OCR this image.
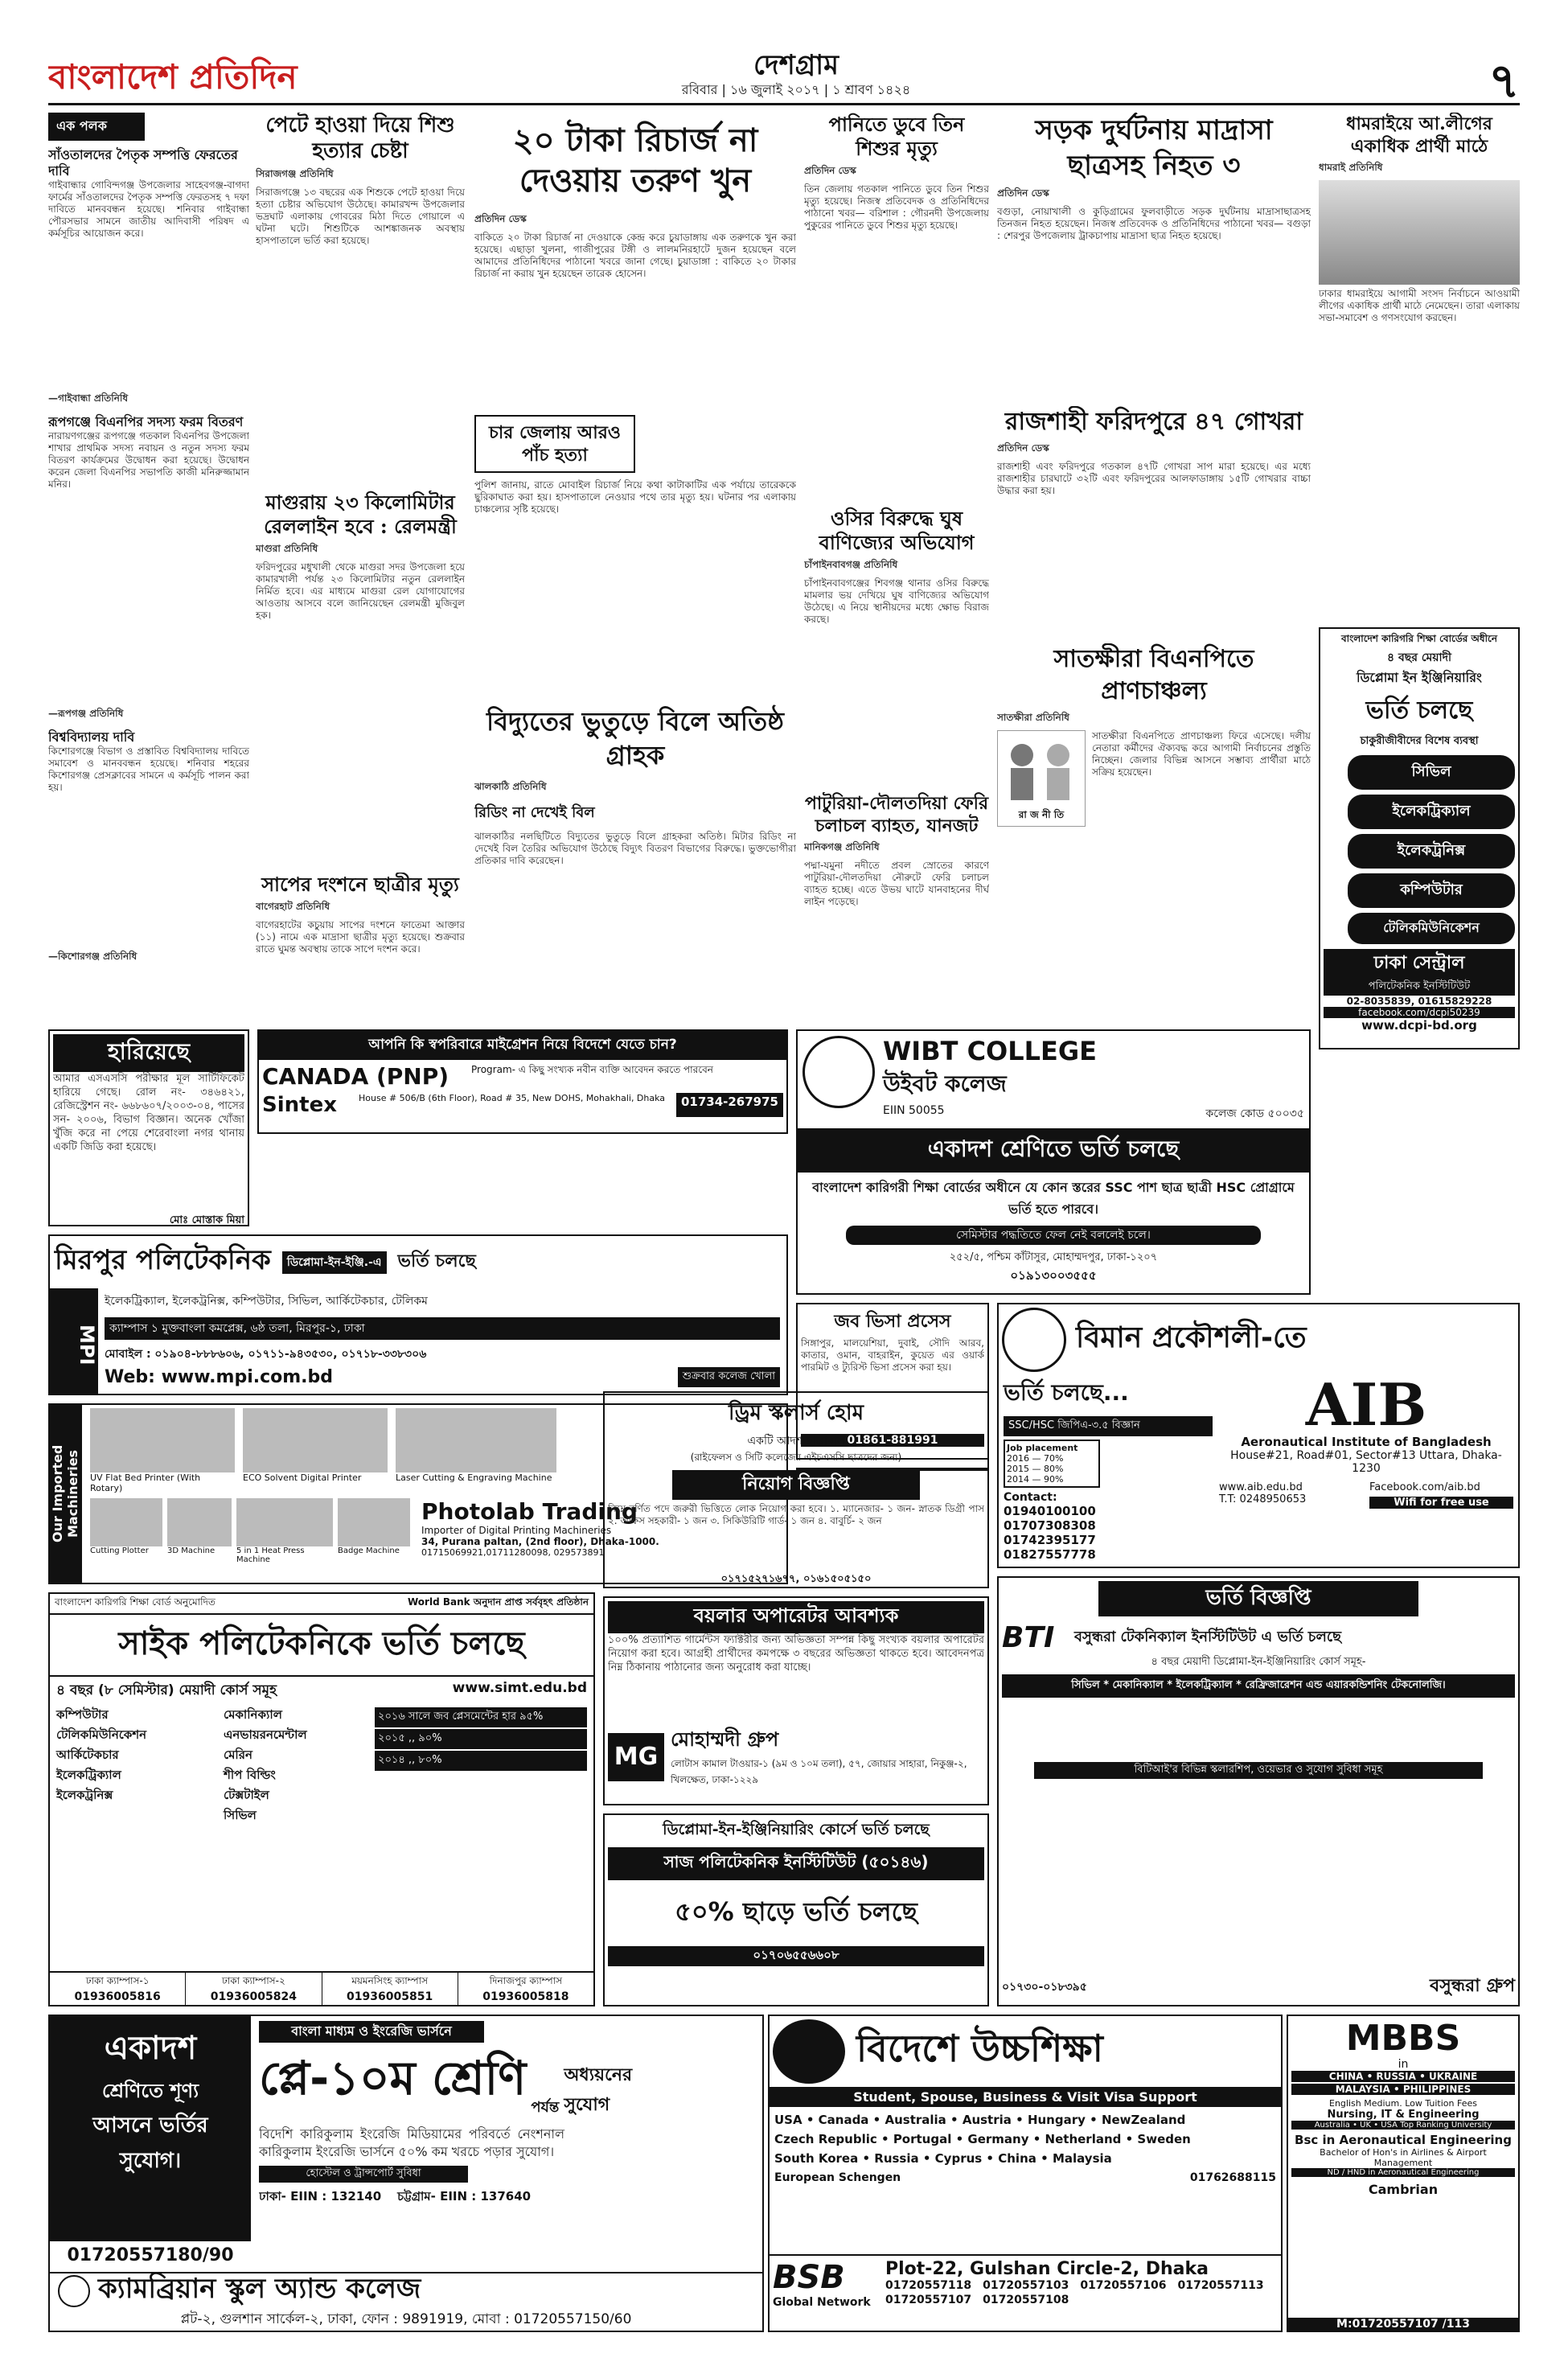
বাংলাদেশ প্রতিদিন	দেশগ্রাম
রবিবার | ১৬ জুলাই ২০১৭ | ১ শ্রাবণ ১৪২৪	৭
এক পলক
সাঁওতালদের পৈতৃক সম্পত্তি ফেরতের দাবি
গাইবান্ধার গোবিন্দগঞ্জ উপজেলার সাহেবগঞ্জ-বাগদা ফার্মের সাঁওতালদের পৈতৃক সম্পত্তি ফেরতসহ ৭ দফা দাবিতে মানববন্ধন হয়েছে। শনিবার গাইবান্ধা পৌরসভার সামনে জাতীয় আদিবাসী পরিষদ এ কর্মসূচির আয়োজন করে।
—গাইবান্ধা প্রতিনিধি
রূপগঞ্জে বিএনপির সদস্য ফরম বিতরণ
নারায়ণগঞ্জের রূপগঞ্জে গতকাল বিএনপির উপজেলা শাখার প্রাথমিক সদস্য নবায়ন ও নতুন সদস্য ফরম বিতরণ কার্যক্রমের উদ্বোধন করা হয়েছে। উদ্বোধন করেন জেলা বিএনপির সভাপতি কাজী মনিরুজ্জামান মনির।
—রূপগঞ্জ প্রতিনিধি
বিশ্ববিদ্যালয় দাবি
কিশোরগঞ্জে বিভাগ ও প্রস্তাবিত বিশ্ববিদ্যালয় দাবিতে সমাবেশ ও মানববন্ধন হয়েছে। শনিবার শহরের কিশোরগঞ্জ প্রেসক্লাবের সামনে এ কর্মসূচি পালন করা হয়।
—কিশোরগঞ্জ প্রতিনিধি
পেটে হাওয়া দিয়ে শিশু হত্যার চেষ্টা
সিরাজগঞ্জ প্রতিনিধি
সিরাজগঞ্জে ১৩ বছরের এক শিশুকে পেটে হাওয়া দিয়ে হত্যা চেষ্টার অভিযোগ উঠেছে। কামারখন্দ উপজেলার ভদ্রঘাট এলাকায় গোবরের মিঠা দিতে গোয়ালে এ ঘটনা ঘটে। শিশুটিকে আশঙ্কাজনক অবস্থায় হাসপাতালে ভর্তি করা হয়েছে।
মাগুরায় ২৩ কিলোমিটার রেললাইন হবে : রেলমন্ত্রী
মাগুরা প্রতিনিধি
ফরিদপুরের মধুখালী থেকে মাগুরা সদর উপজেলা হয়ে কামারখালী পর্যন্ত ২৩ কিলোমিটার নতুন রেললাইন নির্মিত হবে। এর মাধ্যমে মাগুরা রেল যোগাযোগের আওতায় আসবে বলে জানিয়েছেন রেলমন্ত্রী মুজিবুল হক।
সাপের দংশনে ছাত্রীর মৃত্যু
বাগেরহাট প্রতিনিধি
বাগেরহাটের কচুয়ায় সাপের দংশনে ফাতেমা আক্তার (১১) নামে এক মাদ্রাসা ছাত্রীর মৃত্যু হয়েছে। শুক্রবার রাতে ঘুমন্ত অবস্থায় তাকে সাপে দংশন করে।
২০ টাকা রিচার্জ না দেওয়ায় তরুণ খুন
প্রতিদিন ডেস্ক
বাকিতে ২০ টাকা রিচার্জ না দেওয়াকে কেন্দ্র করে চুয়াডাঙ্গায় এক তরুণকে খুন করা হয়েছে। এছাড়া খুলনা, গাজীপুরের টঙ্গী ও লালমনিরহাটে দুজন হয়েছেন বলে আমাদের প্রতিনিধিদের পাঠানো খবরে জানা গেছে। চুয়াডাঙ্গা : বাকিতে ২০ টাকার রিচার্জ না করায় খুন হয়েছেন তারেক হোসেন।
চার জেলায় আরও পাঁচ হত্যা
পুলিশ জানায়, রাতে মোবাইল রিচার্জ নিয়ে কথা কাটাকাটির এক পর্যায়ে তারেককে ছুরিকাঘাত করা হয়। হাসপাতালে নেওয়ার পথে তার মৃত্যু হয়। ঘটনার পর এলাকায় চাঞ্চল্যের সৃষ্টি হয়েছে।
বিদ্যুতের ভুতুড়ে বিলে অতিষ্ঠ গ্রাহক
ঝালকাঠি প্রতিনিধি
রিডিং না দেখেই বিল
ঝালকাঠির নলছিটিতে বিদ্যুতের ভুতুড়ে বিলে গ্রাহকরা অতিষ্ঠ। মিটার রিডিং না দেখেই বিল তৈরির অভিযোগ উঠেছে বিদ্যুৎ বিতরণ বিভাগের বিরুদ্ধে। ভুক্তভোগীরা প্রতিকার দাবি করেছেন।
পানিতে ডুবে তিন শিশুর মৃত্যু
প্রতিদিন ডেস্ক
তিন জেলায় গতকাল পানিতে ডুবে তিন শিশুর মৃত্যু হয়েছে। নিজস্ব প্রতিবেদক ও প্রতিনিধিদের পাঠানো খবর— বরিশাল : গৌরনদী উপজেলায় পুকুরের পানিতে ডুবে শিশুর মৃত্যু হয়েছে।
ওসির বিরুদ্ধে ঘুষ বাণিজ্যের অভিযোগ
চাঁপাইনবাবগঞ্জ প্রতিনিধি
চাঁপাইনবাবগঞ্জের শিবগঞ্জ থানার ওসির বিরুদ্ধে মামলার ভয় দেখিয়ে ঘুষ বাণিজ্যের অভিযোগ উঠেছে। এ নিয়ে স্থানীয়দের মধ্যে ক্ষোভ বিরাজ করছে।
পাটুরিয়া-দৌলতদিয়া ফেরি চলাচল ব্যাহত, যানজট
মানিকগঞ্জ প্রতিনিধি
পদ্মা-যমুনা নদীতে প্রবল স্রোতের কারণে পাটুরিয়া-দৌলতদিয়া নৌরুটে ফেরি চলাচল ব্যাহত হচ্ছে। এতে উভয় ঘাটে যানবাহনের দীর্ঘ লাইন পড়েছে।
সড়ক দুর্ঘটনায় মাদ্রাসা ছাত্রসহ নিহত ৩
প্রতিদিন ডেস্ক
বগুড়া, নোয়াখালী ও কুড়িগ্রামের ফুলবাড়ীতে সড়ক দুর্ঘটনায় মাদ্রাসাছাত্রসহ তিনজন নিহত হয়েছেন। নিজস্ব প্রতিবেদক ও প্রতিনিধিদের পাঠানো খবর— বগুড়া : শেরপুর উপজেলায় ট্রাকচাপায় মাদ্রাসা ছাত্র নিহত হয়েছে।
রাজশাহী ফরিদপুরে ৪৭ গোখরা
প্রতিদিন ডেস্ক
রাজশাহী এবং ফরিদপুরে গতকাল ৪৭টি গোখরা সাপ মারা হয়েছে। এর মধ্যে রাজশাহীর চারঘাটে ৩২টি এবং ফরিদপুরের আলফাডাঙ্গায় ১৫টি গোখরার বাচ্চা উদ্ধার করা হয়।
সাতক্ষীরা বিএনপিতে প্রাণচাঞ্চল্য
সাতক্ষীরা প্রতিনিধি
রা জ নী তি
সাতক্ষীরা বিএনপিতে প্রাণচাঞ্চল্য ফিরে এসেছে। দলীয় নেতারা কর্মীদের ঐক্যবদ্ধ করে আগামী নির্বাচনের প্রস্তুতি নিচ্ছেন। জেলার বিভিন্ন আসনে সম্ভাব্য প্রার্থীরা মাঠে সক্রিয় হয়েছেন।
ধামরাইয়ে আ.লীগের একাধিক প্রার্থী মাঠে
ধামরাই প্রতিনিধি
ঢাকার ধামরাইয়ে আগামী সংসদ নির্বাচনে আওয়ামী লীগের একাধিক প্রার্থী মাঠে নেমেছেন। তারা এলাকায় সভা-সমাবেশ ও গণসংযোগ করছেন।
বাংলাদেশ কারিগরি শিক্ষা বোর্ডের অধীনে
৪ বছর মেয়াদী
ডিপ্লোমা ইন ইঞ্জিনিয়ারিং
ভর্তি চলছে
চাকুরীজীবীদের বিশেষ ব্যবস্থা
সিভিল
ইলেকট্রিক্যাল
ইলেকট্রনিক্স
কম্পিউটার
টেলিকমিউনিকেশন
ঢাকা সেন্ট্রাল
পলিটেকনিক ইনস্টিটিউট
02-8035839, 01615829228
facebook.com/dcpi50239
www.dcpi-bd.org
হারিয়েছে
আমার এসএসসি পরীক্ষার মূল সার্টিফিকেট হারিয়ে গেছে। রোল নং- ৩৪৬৪২১, রেজিস্ট্রেশন নং- ৬৬৮৬০৭/২০০৩-০৪, পাসের সন- ২০০৬, বিভাগ বিজ্ঞান। অনেক খোঁজা খুঁজি করে না পেয়ে শেরেবাংলা নগর থানায় একটি জিডি করা হয়েছে।
মোঃ মোস্তাক মিয়া
আপনি কি স্বপরিবারে মাইগ্রেশন নিয়ে বিদেশে যেতে চান?
CANADA (PNP)	Program- এ কিছু সংখ্যক নবীন ব্যক্তি আবেদন করতে পারবেন
Sintex	House # 506/B (6th Floor), Road # 35, New DOHS, Mohakhali, Dhaka	01734-267975
WIBT COLLEGE
উইবট কলেজ
EIIN 50055	কলেজ কোড ৫০০৩৫
একাদশ শ্রেণিতে ভর্তি চলছে
বাংলাদেশ কারিগরী শিক্ষা বোর্ডের অধীনে যে কোন স্তরের SSC পাশ ছাত্র ছাত্রী HSC প্রোগ্রামে ভর্তি হতে পারবে।
সেমিস্টার পদ্ধতিতে ফেল নেই বললেই চলে।
২৫২/৫, পশ্চিম কাঁটাসুর, মোহাম্মদপুর, ঢাকা-১২০৭
০১৯১৩০০৩৫৫৫
মিরপুর পলিটেকনিক	ডিপ্লোমা-ইন-ইঞ্জি.-এ ভর্তি চলছে
MPI
ইলেকট্রিক্যাল, ইলেকট্রনিক্স, কম্পিউটার, সিভিল, আর্কিটেকচার, টেলিকম
ক্যাম্পাস ১ মুক্তবাংলা কমপ্লেক্স, ৬ষ্ঠ তলা, মিরপুর-১, ঢাকা
মোবাইল : ০১৯০৪-৮৮৮৬০৬, ০১৭১১-৯৪৩৫৩০, ০১৭১৮-৩৩৮৩০৬
Web: www.mpi.com.bd	শুক্রবার কলেজ খোলা
জব ভিসা প্রসেস
সিঙ্গাপুর, মালয়েশিয়া, দুবাই, সৌদি আরব, কাতার, ওমান, বাহরাইন, কুয়েত এর ওয়ার্ক পারমিট ও ট্যুরিস্ট ভিসা প্রসেস করা হয়।
01861-881991
বিমান প্রকৌশলী-তে
ভর্তি চলছে...
SSC/HSC জিপিএ-৩.৫ বিজ্ঞান
Job placement
2016 — 70%
2015 — 80%
2014 — 90%
Contact:
01940100100
01707308308
01742395177
01827557778
AIB
Aeronautical Institute of Bangladesh
House#21, Road#01, Sector#13 Uttara, Dhaka-1230
www.aib.edu.bd
T.T: 0248950653
Facebook.com/aib.bd
Wifi for free use
Our Imported Machineries UV Flat Bed Printer (With Rotary)
ECO Solvent Digital Printer	Laser Cutting & Engraving Machine
Cutting Plotter	3D Machine	5 in 1 Heat Press Machine
Badge Machine
Photolab Trading
Importer of Digital Printing Machineries
34, Purana paltan, (2nd floor), Dhaka-1000.
01715069921,01711280098, 029573891
ড্রিম স্কলার্স হোম
একটি আদর্শ ছাত্রাবাস
(রাইফেলস ও সিটি কলেজের এইচএসসি ছাত্রদের জন্য)
নিয়োগ বিজ্ঞপ্তি
নিম্নে বর্ণিত পদে জরুরী ভিত্তিতে লোক নিয়োগ করা হবে। ১. ম্যানেজার- ১ জন- স্নাতক ডিগ্রী পাস ২. অফিস সহকারী- ১ জন ৩. সিকিউরিটি গার্ড- ১ জন ৪. বাবুর্চি- ২ জন
০১৭১৫২৭১৬৭৭, ০১৬১৫০৫১৫০
বাংলাদেশ কারিগরি শিক্ষা বোর্ড অনুমোদিত	World Bank অনুদান প্রাপ্ত সর্ববৃহৎ প্রতিষ্ঠান
সাইক পলিটেকনিকে ভর্তি চলছে
৪ বছর (৮ সেমিস্টার) মেয়াদী কোর্স সমূহ	www.simt.edu.bd
কম্পিউটার
টেলিকমিউনিকেশন
আর্কিটেকচার
ইলেকট্রিক্যাল
ইলেকট্রনিক্স
মেকানিক্যাল
এনভায়রনমেন্টাল
মেরিন
শীপ বিল্ডিং
টেক্সটাইল
সিভিল
২০১৬ সালে জব প্লেসমেন্টের হার ৯৫%
২০১৫ ,, ৯০%
২০১৪ ,, ৮০%
ঢাকা ক্যাম্পাস-১
01936005816
ঢাকা ক্যাম্পাস-২
01936005824
ময়মনসিংহ ক্যাম্পাস
01936005851
দিনাজপুর ক্যাম্পাস
01936005818
বয়লার অপারেটর আবশ্যক
১০০% প্রত্যাশিত গার্মেন্টস ফ্যাক্টরীর জন্য অভিজ্ঞতা সম্পন্ন কিছু সংখ্যক বয়লার অপারেটর নিয়োগ করা হবে। আগ্রহী প্রার্থীদের কমপক্ষে ৩ বছরের অভিজ্ঞতা থাকতে হবে। আবেদনপত্র নিম্ন ঠিকানায় পাঠানোর জন্য অনুরোধ করা যাচ্ছে।
MG
মোহাম্মদী গ্রুপ
লোটাস কামাল টাওয়ার-১ (৯ম ও ১০ম তলা), ৫৭, জোয়ার সাহারা, নিকুঞ্জ-২, খিলক্ষেত, ঢাকা-১২২৯
ভর্তি বিজ্ঞপ্তি
BTI	বসুন্ধরা টেকনিক্যাল ইনস্টিটিউট এ ভর্তি চলছে
৪ বছর মেয়াদী ডিপ্লোমা-ইন-ইঞ্জিনিয়ারিং কোর্স সমূহ-
সিভিল * মেকানিক্যাল * ইলেকট্রিক্যাল * রেফ্রিজারেশন এন্ড এয়ারকন্ডিশনিং টেকনোলজি।
বিটিআই'র বিভিন্ন স্কলারশিপ, ওয়েভার ও সুযোগ সুবিধা সমূহ
০১৭৩০-০১৮৩৯৫	বসুন্ধরা গ্রুপ
ডিপ্লোমা-ইন-ইঞ্জিনিয়ারিং কোর্সে ভর্তি চলছে
সাজ পলিটেকনিক ইনস্টিটিউট (৫০১৪৬)
৫০% ছাড়ে ভর্তি চলছে
০১৭০৬৫৫৬৬০৮
একাদশ
শ্রেণিতে শূণ্য
আসনে ভর্তির
সুযোগ।
01720557180/90
বাংলা মাধ্যম ও ইংরেজি ভার্সনে
প্লে-১০ম শ্রেণি
পর্যন্ত
অধ্যয়নের সুযোগ
বিদেশি কারিকুলাম ইংরেজি মিডিয়ামের পরিবর্তে নেংশনাল কারিকুলাম ইংরেজি ভার্সনে ৫০% কম খরচে পড়ার সুযোগ।
হোস্টেল ও ট্রান্সপোর্ট সুবিধা
ঢাকা- EIIN : 132140 চট্টগ্রাম- EIIN : 137640
ক্যামব্রিয়ান স্কুল অ্যান্ড কলেজ
প্লট-২, গুলশান সার্কেল-২, ঢাকা, ফোন : 9891919, মোবা : 01720557150/60
বিদেশে উচ্চশিক্ষা
Student, Spouse, Business & Visit Visa Support
USA • Canada • Australia • Austria • Hungary • NewZealand
Czech Republic • Portugal • Germany • Netherland • Sweden
South Korea • Russia • Cyprus • China • Malaysia
European Schengen	01762688115
BSB
Global Network
Plot-22, Gulshan Circle-2, Dhaka
01720557118 01720557103 01720557106 01720557113
01720557107 01720557108
MBBS
in
CHINA • RUSSIA • UKRAINE
MALAYSIA • PHILIPPINES
English Medium. Low Tuition Fees
Nursing, IT & Engineering
Australia • UK • USA Top Ranking University
Bsc in Aeronautical Engineering
Bachelor of Hon's in Airlines & Airport Management
ND / HND in Aeronautical Engineering
Cambrian
M:01720557107 /113
